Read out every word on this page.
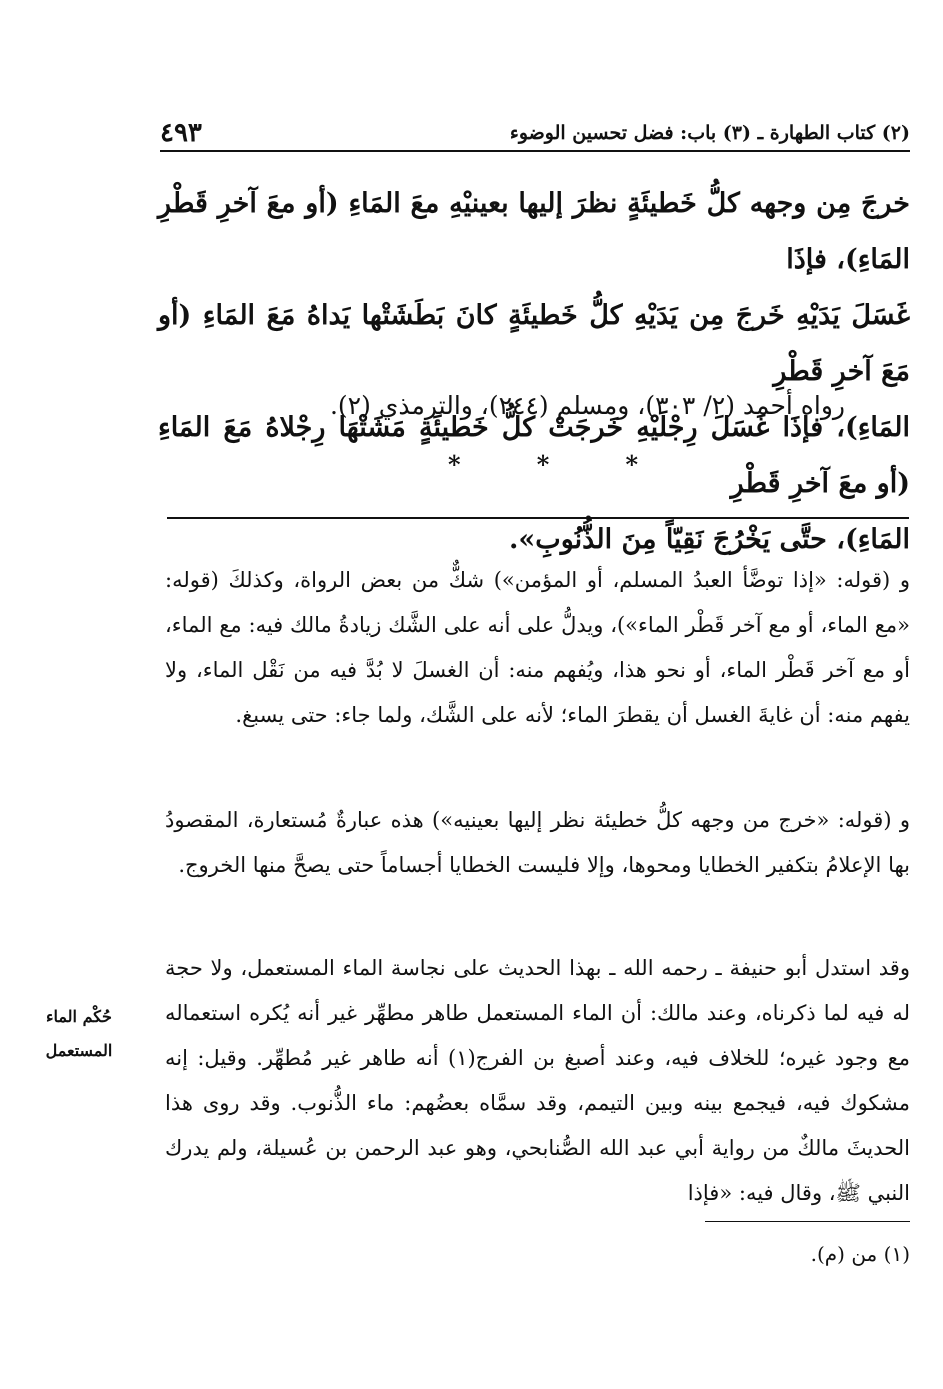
٤٩٣	(٢) كتاب الطهارة ـ (٣) باب: فضل تحسين الوضوء

خرجَ مِن وجهه كلُّ خَطيئَةٍ نظرَ إليها بعينيْهِ معَ المَاءِ (أو معَ آخرِ قَطْرِ المَاءِ)، فإذَا

غَسَلَ يَدَيْهِ خَرجَ مِن يَدَيْهِ كلُّ خَطيئَةٍ كانَ بَطَشَتْها يَداهُ مَعَ المَاءِ (أو مَعَ آخرِ قَطْرِ

المَاءِ)، فإذَا غَسَلَ رِجْلَيْهِ خَرجَتْ كلُّ خَطيئَةٍ مَشَتْهَا رِجْلاهُ مَعَ المَاءِ (أو معَ آخرِ قَطْرِ

المَاءِ)، حتَّى يَخْرُجَ نَقِيّاً مِنَ الذُّنُوبِ».

رواه أحمد (٢/ ٣٠٣)، ومسلم (٢٤٤)، والترمذي (٢).
*	*	*

و (قوله: «إذا توضَّأ العبدُ المسلم، أو المؤمن») شكٌّ من بعض الرواة، وكذلكَ (قوله: «مع الماء، أو مع آخر قَطْر الماء»)، ويدلُّ على أنه على الشَّك زيادةُ مالك فيه: مع الماء، أو مع آخر قَطْر الماء، أو نحو هذا، ويُفهم منه: أن الغسلَ لا بُدَّ فيه من نَقْل الماء، ولا يفهم منه: أن غايةَ الغسل أن يقطرَ الماء؛ لأنه على الشَّك، ولما جاء: حتى يسبغ.

و (قوله: «خرج من وجهه كلُّ خطيئة نظر إليها بعينيه») هذه عبارةٌ مُستعارة، المقصودُ بها الإعلامُ بتكفير الخطايا ومحوها، وإلا فليست الخطايا أجساماً حتى يصحَّ منها الخروج.

وقد استدل أبو حنيفة ـ رحمه الله ـ بهذا الحديث على نجاسة الماء المستعمل، ولا حجة له فيه لما ذكرناه، وعند مالك: أن الماء المستعمل طاهر مطهِّر غير أنه يُكره استعماله مع وجود غيره؛ للخلاف فيه، وعند أصبغ بن الفرج(١) أنه طاهر غير مُطهِّر. وقيل: إنه مشكوك فيه، فيجمع بينه وبين التيمم، وقد سمَّاه بعضُهم: ماء الذُّنوب. وقد روى هذا الحديثَ مالكٌ من رواية أبي عبد الله الصُّنابحي، وهو عبد الرحمن بن عُسيلة، ولم يدرك النبي ﷺ، وقال فيه: «فإذا

حُكْم الماء
المستعمل
(١) من (م).
